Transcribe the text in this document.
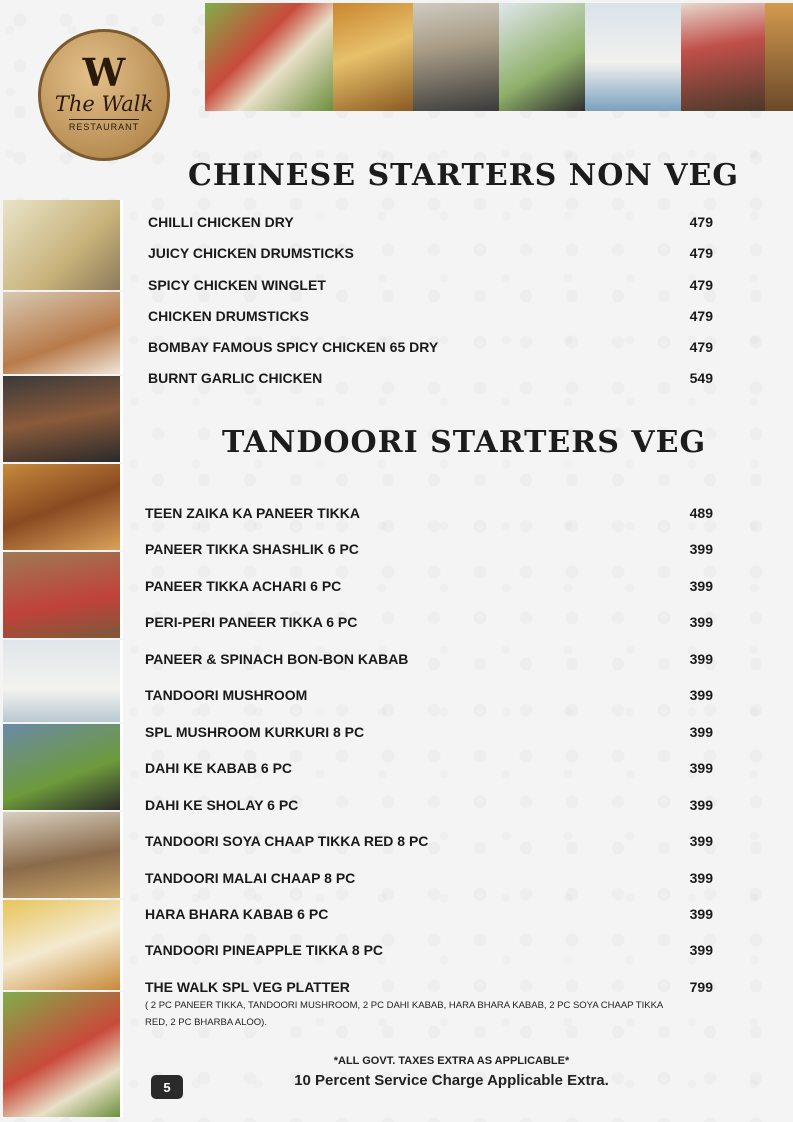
W
The Walk
RESTAURANT
CHINESE STARTERS NON VEG
CHILLI CHICKEN DRY	479
JUICY CHICKEN DRUMSTICKS	479
SPICY CHICKEN WINGLET	479
CHICKEN DRUMSTICKS	479
BOMBAY FAMOUS SPICY CHICKEN 65 DRY	479
BURNT GARLIC CHICKEN	549
TANDOORI STARTERS VEG
TEEN ZAIKA KA PANEER TIKKA	489
PANEER TIKKA SHASHLIK 6 PC	399
PANEER TIKKA ACHARI 6 PC	399
PERI-PERI PANEER TIKKA 6 PC	399
PANEER & SPINACH BON-BON KABAB	399
TANDOORI MUSHROOM	399
SPL MUSHROOM KURKURI 8 PC	399
DAHI KE KABAB 6 PC	399
DAHI KE SHOLAY 6 PC	399
TANDOORI SOYA CHAAP TIKKA RED 8 PC	399
TANDOORI MALAI CHAAP 8 PC	399
HARA BHARA KABAB 6 PC	399
TANDOORI PINEAPPLE TIKKA 8 PC	399
THE WALK SPL VEG PLATTER	799
( 2 PC PANEER TIKKA, TANDOORI MUSHROOM, 2 PC DAHI KABAB, HARA BHARA KABAB, 2 PC SOYA CHAAP TIKKA RED, 2 PC BHARBA ALOO).
*ALL GOVT. TAXES EXTRA AS APPLICABLE*
10 Percent Service Charge Applicable Extra.
5
